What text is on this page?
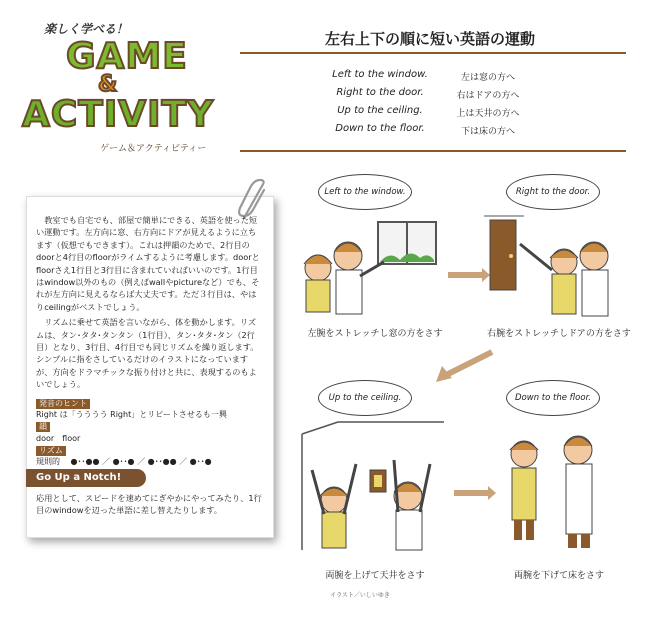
楽しく学べる！
GAME
&
ACTIVITY
ゲーム＆アクティビティー
左右上下の順に短い英語の運動
Left to the window.	左は窓の方へ
Right to the door.	右はドアの方へ
Up to the ceiling.	上は天井の方へ
Down to the floor.	下は床の方へ

教室でも自宅でも、部屋で簡単にできる、英語を使った短い運動です。左方向に窓、右方向にドアが見えるように立ちます（仮想でもできます）。これは押韻のためで、2行目のdoorと4行目のfloorがライムするように考慮します。doorとfloorさえ1行目と3行目に含まれていればいいのです。1行目はwindow以外のもの（例えばwallやpictureなど）でも、それが左方向に見えるならば大丈夫です。ただ３行目は、やはりceilingがベストでしょう。

リズムに乗せて英語を言いながら、体を動かします。リズムは、タン･タタ･タンタン（1行目）、タン･タタ･タン（2行目）となり、3行目、4行目でも同じリズムを繰り返します。シンプルに指をさしているだけのイラストになっていますが、方向をドラマチックな振り付けと共に、表現するのもよいでしょう。

発音のヒント
Right は「うううう Right」とリピートさせるも一興
韻
door　floor
リズム
規則的 ●･･●● ／ ●･･● ／ ●･･●● ／ ●･･●
Go Up a Notch!
応用として、スピードを速めてにぎやかにやってみたり、1行目のwindowを辺った単語に差し替えたりします。
Left to the window.
左腕をストレッチし窓の方をさす
Right to the door.
右腕をストレッチしドアの方をさす
Up to the ceiling.
両腕を上げて天井をさす
Down to the floor.
両腕を下げて床をさす
イラスト／いしいゆき
